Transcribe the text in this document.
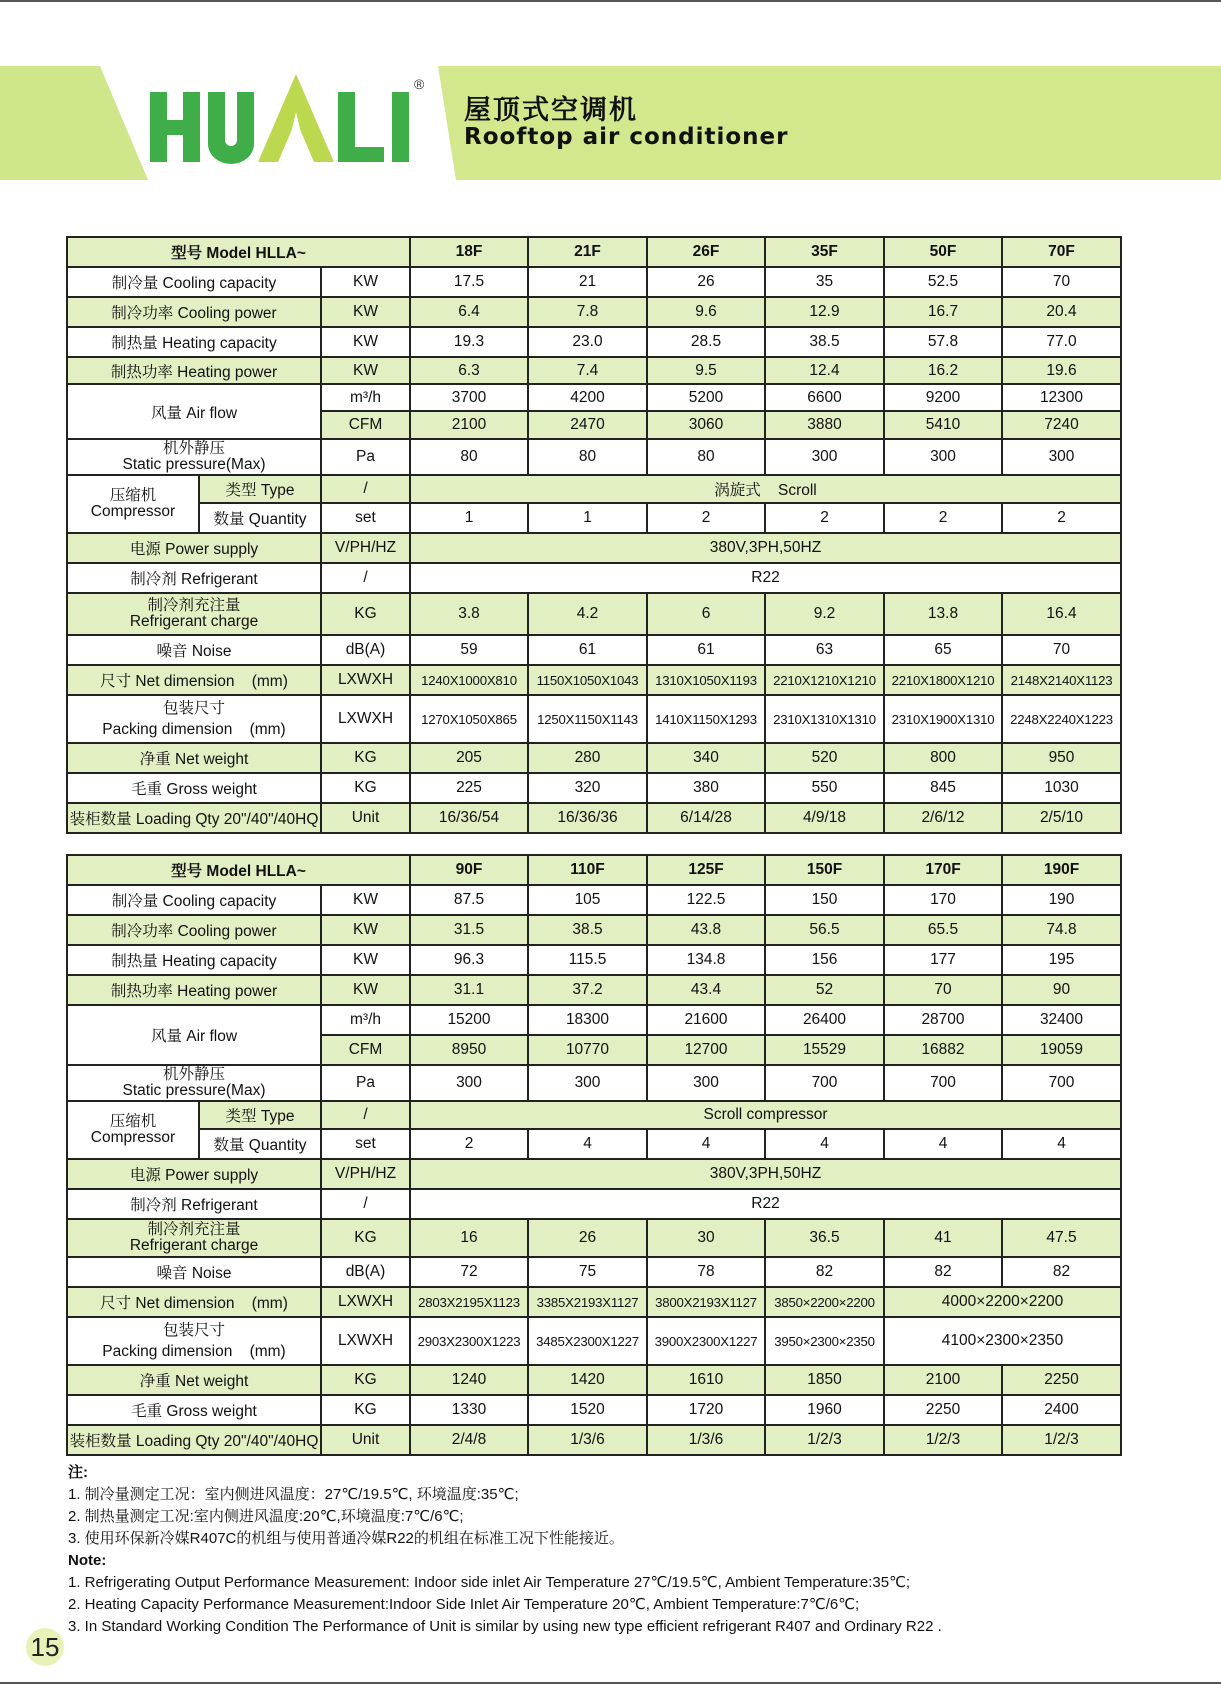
®
屋顶式空调机
Rooftop air conditioner
型号 Model HLLA~			18F	21F	26F	35F	50F	70F
制冷量 Cooling capacity		KW	17.5	21	26	35	52.5	70
制冷功率 Cooling power		KW	6.4	7.8	9.6	12.9	16.7	20.4
制热量 Heating capacity		KW	19.3	23.0	28.5	38.5	57.8	77.0
制热功率 Heating power		KW	6.3	7.4	9.5	12.4	16.2	19.6
风量 Air flow		m³/h	3700	4200	5200	6600	9200	12300
		CFM	2100	2470	3060	3880	5410	7240

机外静压
Static pressure(Max)		Pa	80	80	80	300	300	300

压缩机
Compressor	类型 Type	/	涡旋式    Scroll					
	数量 Quantity	set	1	1	2	2	2	2
电源 Power supply		V/PH/HZ	380V,3PH,50HZ					
制冷剂 Refrigerant		/	R22					

制冷剂充注量
Refrigerant charge		KG	3.8	4.2	6	9.2	13.8	16.4
噪音 Noise		dB(A)	59	61	61	63	65	70
尺寸 Net dimension    (mm)		LXWXH	1240X1000X810	1150X1050X1043	1310X1050X1193	2210X1210X1210	2210X1800X1210	2148X2140X1123

包装尺寸
Packing dimension    (mm)		LXWXH	1270X1050X865	1250X1150X1143	1410X1150X1293	2310X1310X1310	2310X1900X1310	2248X2240X1223
净重 Net weight		KG	205	280	340	520	800	950
毛重 Gross weight		KG	225	320	380	550	845	1030
装柜数量 Loading Qty 20"/40"/40HQ		Unit	16/36/54	16/36/36	6/14/28	4/9/18	2/6/12	2/5/10
型号 Model HLLA~			90F	110F	125F	150F	170F	190F
制冷量 Cooling capacity		KW	87.5	105	122.5	150	170	190
制冷功率 Cooling power		KW	31.5	38.5	43.8	56.5	65.5	74.8
制热量 Heating capacity		KW	96.3	115.5	134.8	156	177	195
制热功率 Heating power		KW	31.1	37.2	43.4	52	70	90
风量 Air flow		m³/h	15200	18300	21600	26400	28700	32400
		CFM	8950	10770	12700	15529	16882	19059

机外静压
Static pressure(Max)		Pa	300	300	300	700	700	700

压缩机
Compressor	类型 Type	/	Scroll compressor					
	数量 Quantity	set	2	4	4	4	4	4
电源 Power supply		V/PH/HZ	380V,3PH,50HZ					
制冷剂 Refrigerant		/	R22					

制冷剂充注量
Refrigerant charge		KG	16	26	30	36.5	41	47.5
噪音 Noise		dB(A)	72	75	78	82	82	82
尺寸 Net dimension    (mm)		LXWXH	2803X2195X1123	3385X2193X1127	3800X2193X1127	3850×2200×2200	4000×2200×2200	

包装尺寸
Packing dimension    (mm)		LXWXH	2903X2300X1223	3485X2300X1227	3900X2300X1227	3950×2300×2350	4100×2300×2350	
净重 Net weight		KG	1240	1420	1610	1850	2100	2250
毛重 Gross weight		KG	1330	1520	1720	1960	2250	2400
装柜数量 Loading Qty 20"/40"/40HQ		Unit	2/4/8	1/3/6	1/3/6	1/2/3	1/2/3	1/2/3
注:
1. 制冷量测定工况：室内侧进风温度：27℃/19.5℃, 环境温度:35℃;
2. 制热量测定工况:室内侧进风温度:20℃,环境温度:7℃/6℃;
3. 使用环保新冷媒R407C的机组与使用普通冷媒R22的机组在标准工况下性能接近。
Note:
1. Refrigerating Output Performance Measurement: Indoor side inlet Air Temperature 27℃/19.5℃, Ambient Temperature:35℃;
2. Heating Capacity Performance Measurement:Indoor Side Inlet Air Temperature 20℃, Ambient Temperature:7℃/6℃;
3. In Standard Working Condition The Performance of Unit is similar by using new type efficient refrigerant R407 and Ordinary R22 .
15
